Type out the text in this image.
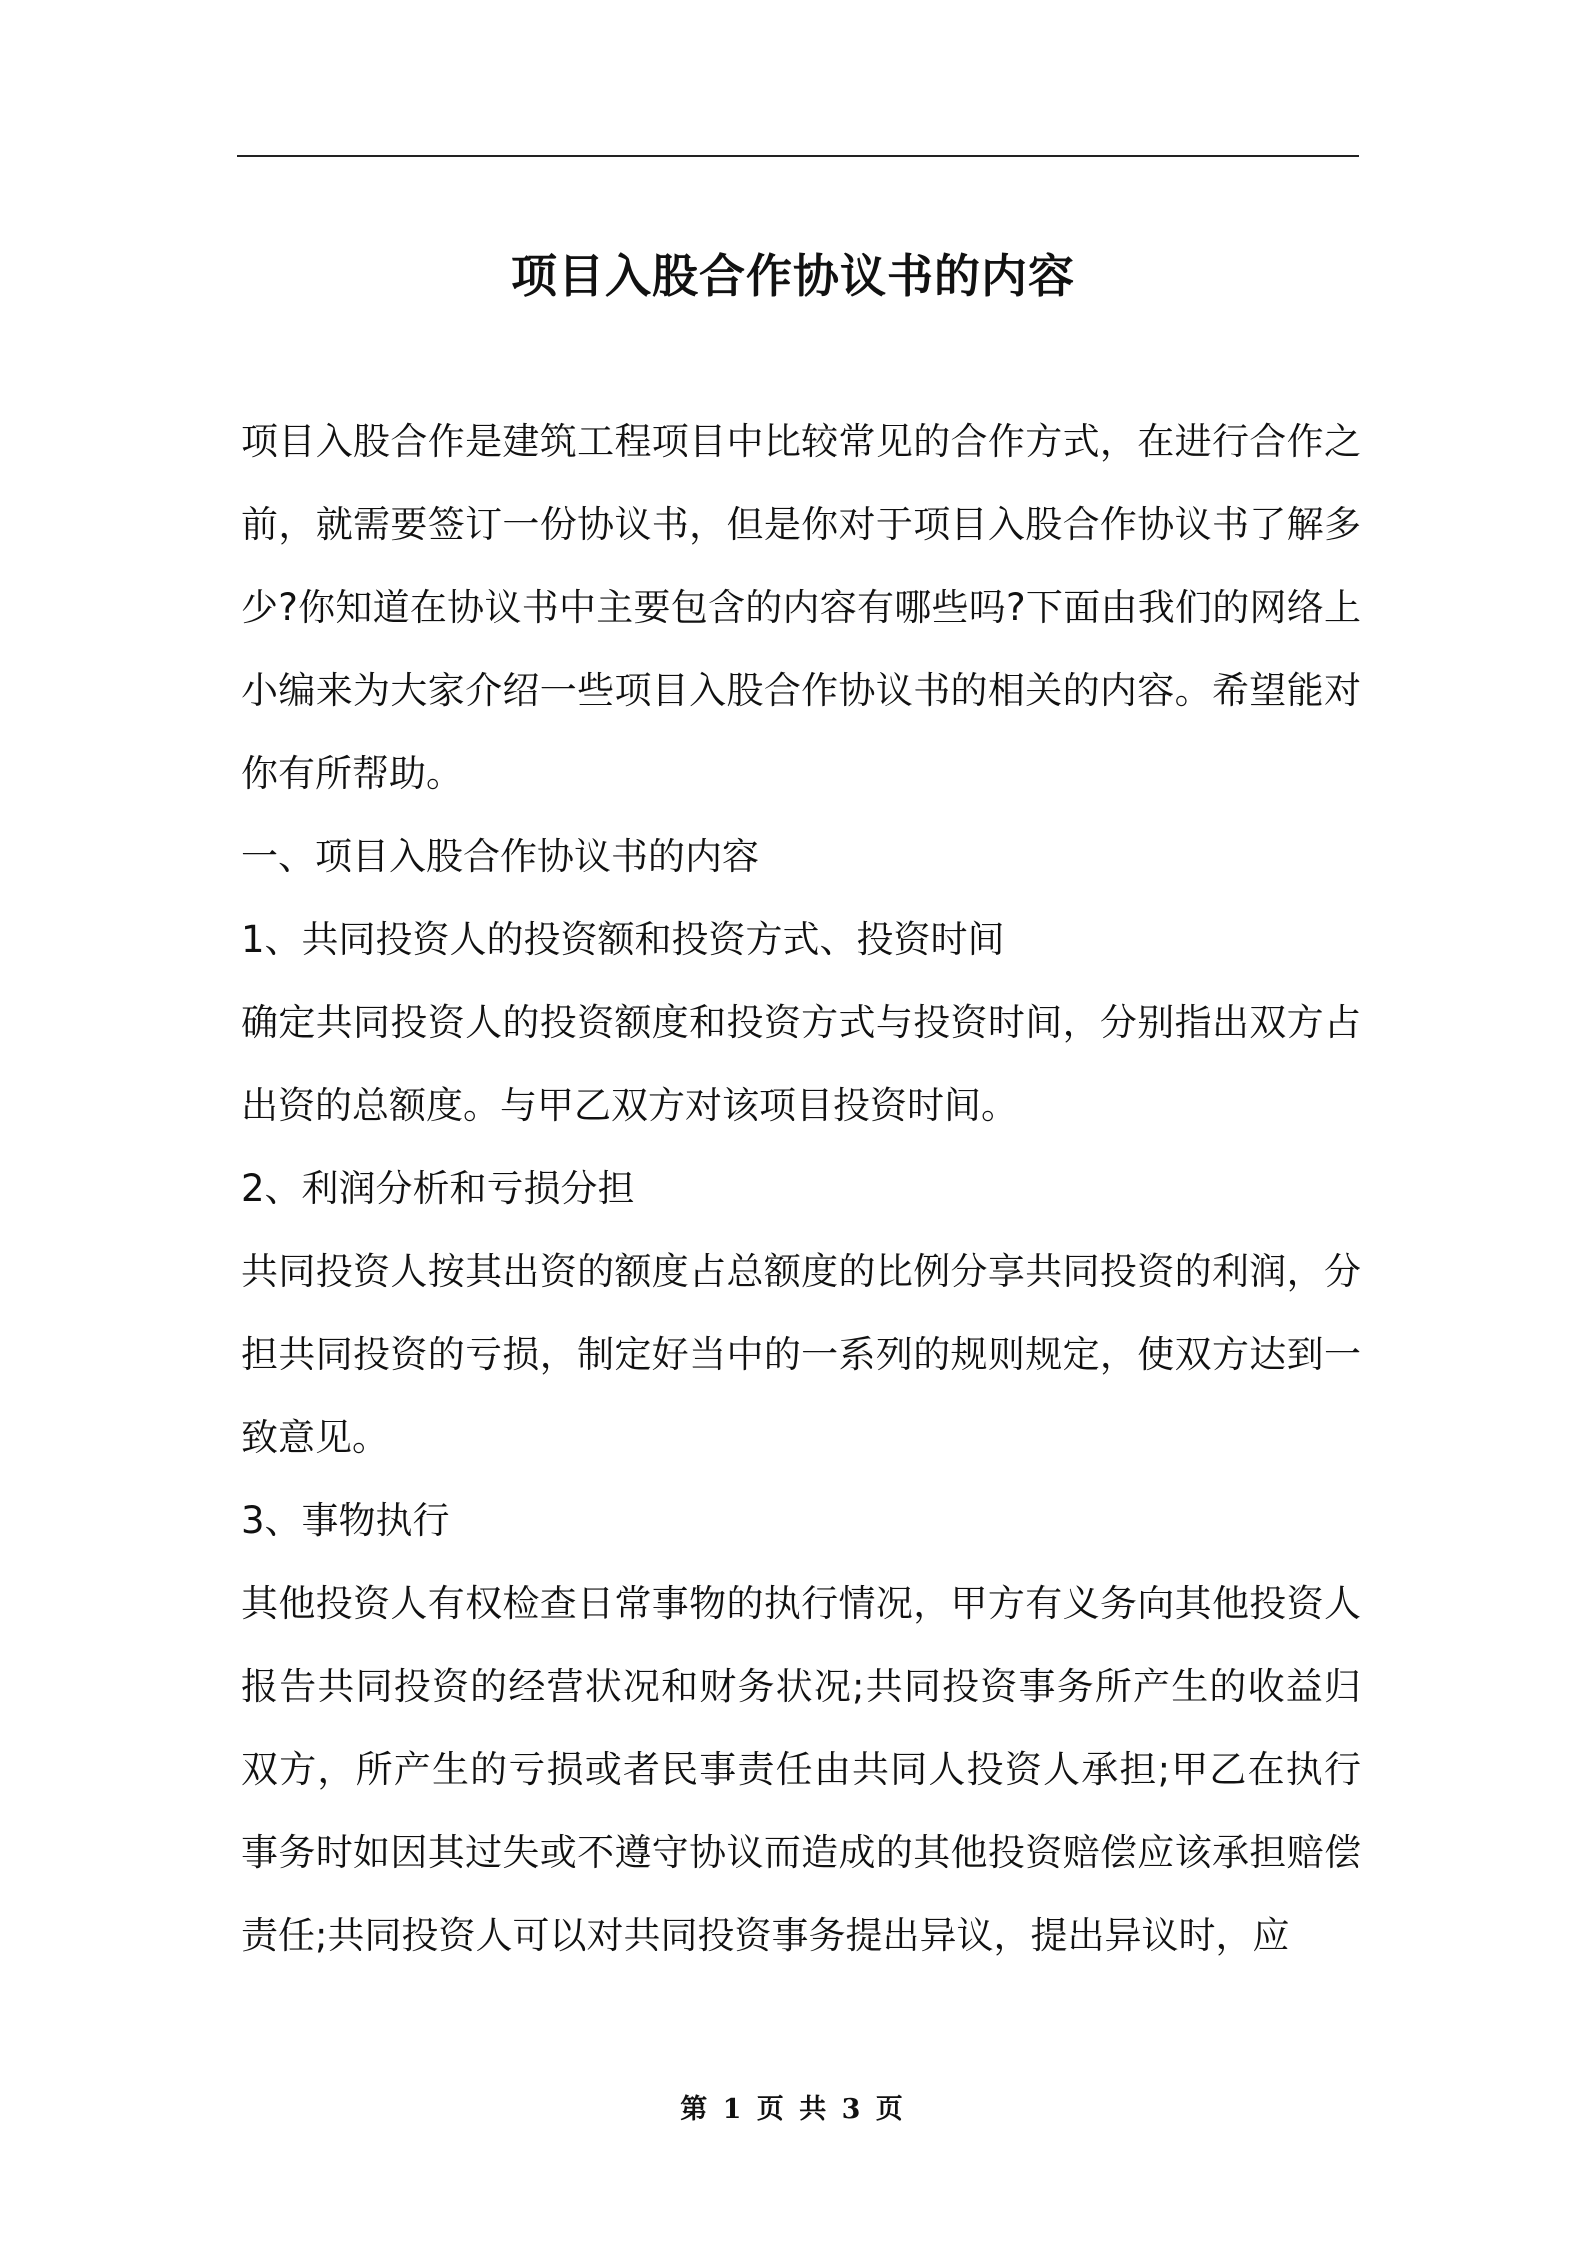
项目入股合作协议书的内容

项目入股合作是建筑工程项目中比较常见的合作方式，在进行合作之前，就需要签订一份协议书，但是你对于项目入股合作协议书了解多少?你知道在协议书中主要包含的内容有哪些吗?下面由我们的网络上小编来为大家介绍一些项目入股合作协议书的相关的内容。希望能对你有所帮助。

一、项目入股合作协议书的内容

1、共同投资人的投资额和投资方式、投资时间

确定共同投资人的投资额度和投资方式与投资时间，分别指出双方占出资的总额度。与甲乙双方对该项目投资时间。

2、利润分析和亏损分担

共同投资人按其出资的额度占总额度的比例分享共同投资的利润，分担共同投资的亏损，制定好当中的一系列的规则规定，使双方达到一致意见。

3、事物执行

其他投资人有权检查日常事物的执行情况，甲方有义务向其他投资人报告共同投资的经营状况和财务状况;共同投资事务所产生的收益归双方，所产生的亏损或者民事责任由共同人投资人承担;甲乙在执行事务时如因其过失或不遵守协议而造成的其他投资赔偿应该承担赔偿责任;共同投资人可以对共同投资事务提出异议，提出异议时，应

第 1 页 共 3 页
